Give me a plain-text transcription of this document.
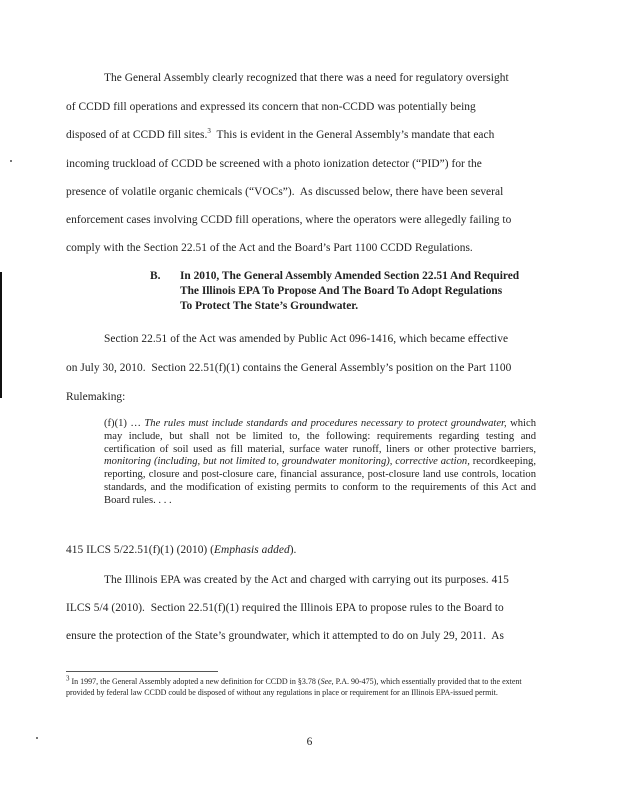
The General Assembly clearly recognized that there was a need for regulatory oversight
of CCDD fill operations and expressed its concern that non-CCDD was potentially being
disposed of at CCDD fill sites.$^3$  This is evident in the General Assembly’s mandate that each
incoming truckload of CCDD be screened with a photo ionization detector (“PID”) for the
presence of volatile organic chemicals (“VOCs”).  As discussed below, there have been several
enforcement cases involving CCDD fill operations, where the operators were allegedly failing to
comply with the Section 22.51 of the Act and the Board’s Part 1100 CCDD Regulations.
B. In 2010, The General Assembly Amended Section 22.51 And Required
The Illinois EPA To Propose And The Board To Adopt Regulations
To Protect The State’s Groundwater.
Section 22.51 of the Act was amended by Public Act 096-1416, which became effective
on July 30, 2010.  Section 22.51(f)(1) contains the General Assembly’s position on the Part 1100
Rulemaking:

(f)(1) … The rules must include standards and procedures necessary to protect groundwater, which may include, but shall not be limited to, the following: requirements regarding testing and certification of soil used as fill material, surface water runoff, liners or other protective barriers, monitoring (including, but not limited to, groundwater monitoring), corrective action, recordkeeping, reporting, closure and post-closure care, financial assurance, post-closure land use controls, location standards, and the modification of existing permits to conform to the requirements of this Act and Board rules. . . .

415 ILCS 5/22.51(f)(1) (2010) (Emphasis added).
The Illinois EPA was created by the Act and charged with carrying out its purposes. 415
ILCS 5/4 (2010).  Section 22.51(f)(1) required the Illinois EPA to propose rules to the Board to
ensure the protection of the State’s groundwater, which it attempted to do on July 29, 2011.  As

$^3$ In 1997, the General Assembly adopted a new definition for CCDD in §3.78 (See, P.A. 90-475), which essentially provided that to the extent provided by federal law CCDD could be disposed of without any regulations in place or requirement for an Illinois EPA-issued permit.

6
